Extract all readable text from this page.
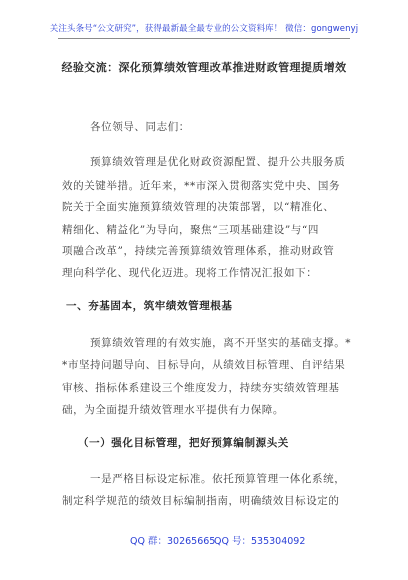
关注头条号“公文研究”，获得最新最全最专业的公文资料库！ 微信：gongwenyj
经验交流：深化预算绩效管理改革推进财政管理提质增效
各位领导、同志们：
预算绩效管理是优化财政资源配置、提升公共服务质
效的关键举措。近年来，**市深入贯彻落实党中央、国务
院关于全面实施预算绩效管理的决策部署，以“精准化、
精细化、精益化”为导向，聚焦“三项基础建设”与“四
项融合改革”，持续完善预算绩效管理体系，推动财政管
理向科学化、现代化迈进。现将工作情况汇报如下：
一、夯基固本，筑牢绩效管理根基
预算绩效管理的有效实施，离不开坚实的基础支撑。*
*市坚持问题导向、目标导向，从绩效目标管理、自评结果
审核、指标体系建设三个维度发力，持续夯实绩效管理基
础，为全面提升绩效管理水平提供有力保障。
（一）强化目标管理，把好预算编制源头关
一是严格目标设定标准。依托预算管理一体化系统，
制定科学规范的绩效目标编制指南，明确绩效目标设定的
QQ 群：30265665
QQ 号：535304092
